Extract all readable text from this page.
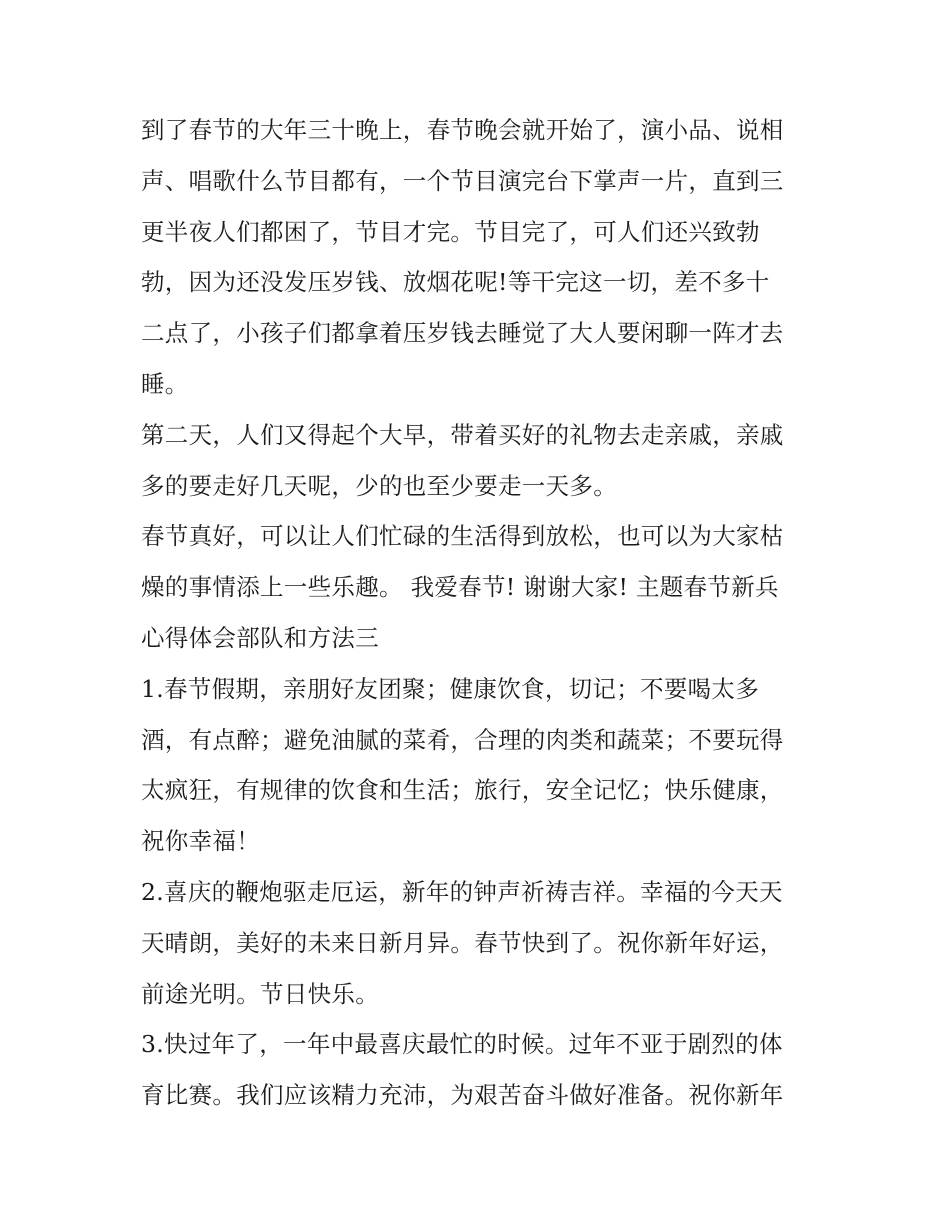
到了春节的大年三十晚上，春节晚会就开始了，演小品、说相
声、唱歌什么节目都有，一个节目演完台下掌声一片，直到三
更半夜人们都困了，节目才完。节目完了，可人们还兴致勃
勃，因为还没发压岁钱、放烟花呢!等干完这一切，差不多十
二点了，小孩子们都拿着压岁钱去睡觉了大人要闲聊一阵才去
睡。
第二天，人们又得起个大早，带着买好的礼物去走亲戚，亲戚
多的要走好几天呢，少的也至少要走一天多。
春节真好，可以让人们忙碌的生活得到放松，也可以为大家枯
燥的事情添上一些乐趣。 我爱春节! 谢谢大家! 主题春节新兵
心得体会部队和方法三
1.春节假期，亲朋好友团聚；健康饮食，切记；不要喝太多
酒，有点醉；避免油腻的菜肴，合理的肉类和蔬菜；不要玩得
太疯狂，有规律的饮食和生活；旅行，安全记忆；快乐健康，
祝你幸福！
2.喜庆的鞭炮驱走厄运，新年的钟声祈祷吉祥。幸福的今天天
天晴朗，美好的未来日新月异。春节快到了。祝你新年好运，
前途光明。节日快乐。
3.快过年了，一年中最喜庆最忙的时候。过年不亚于剧烈的体
育比赛。我们应该精力充沛，为艰苦奋斗做好准备。祝你新年
